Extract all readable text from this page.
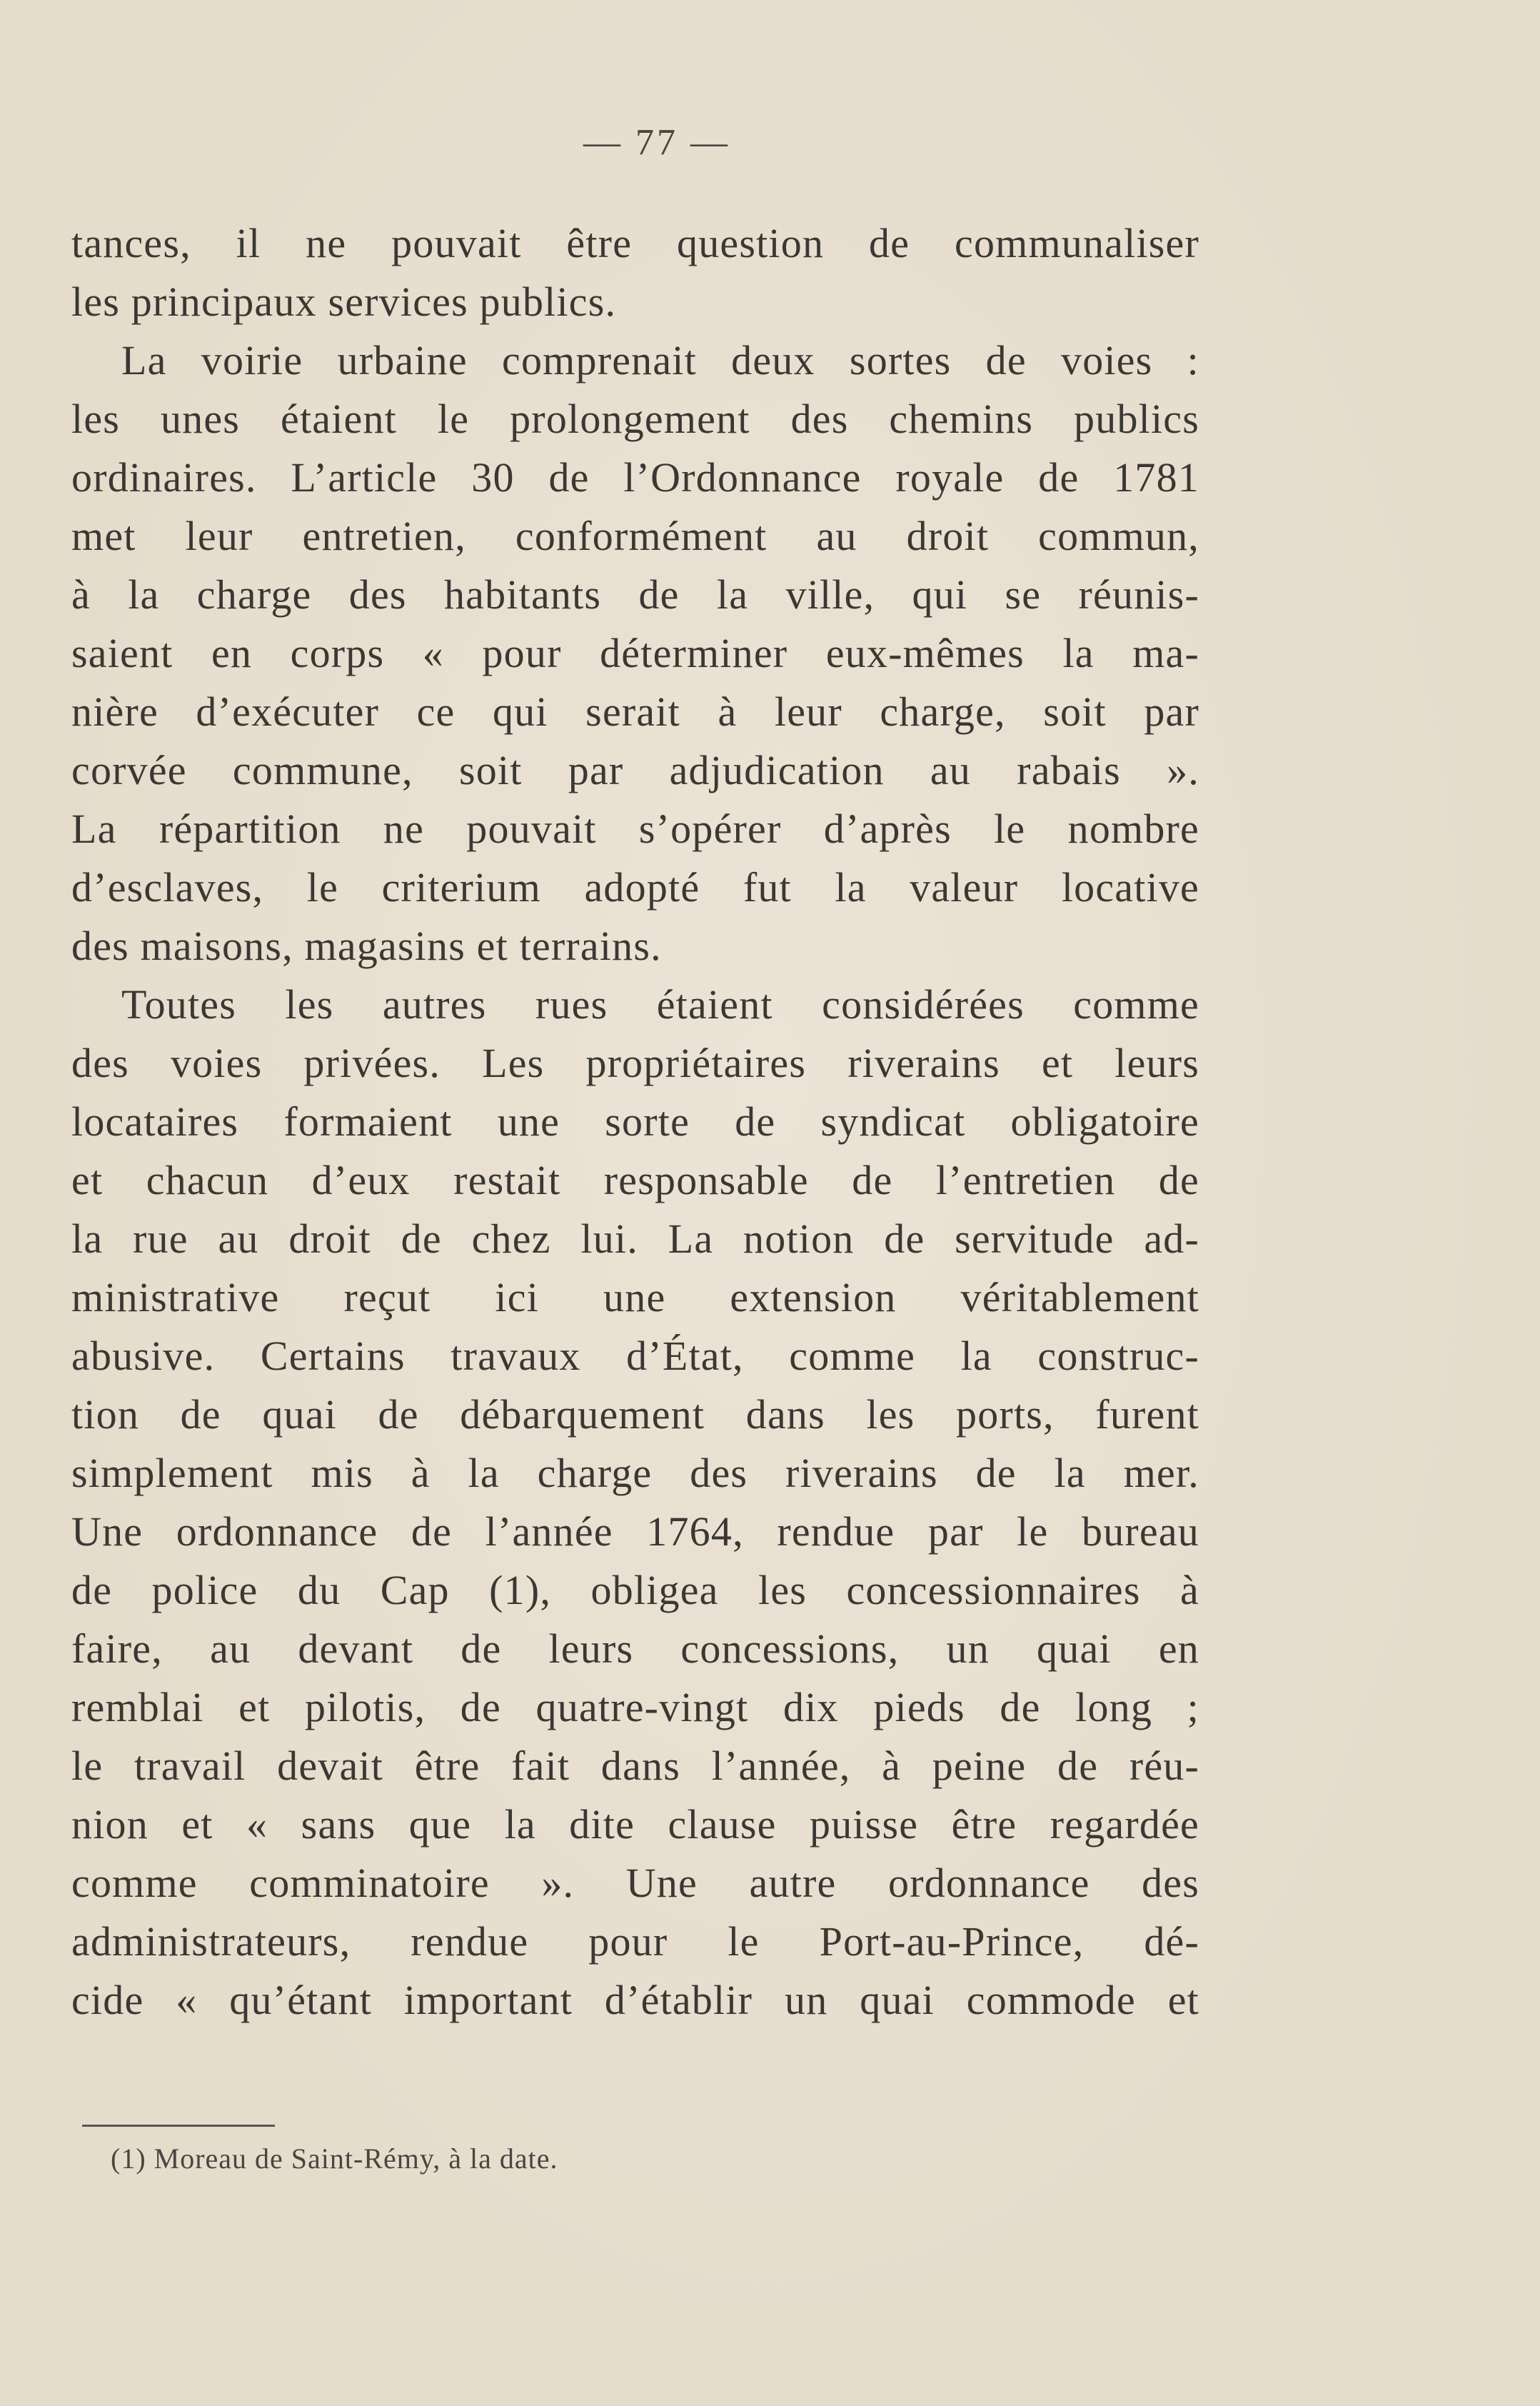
— 77 —
tances, il ne pouvait être question de communaliser
les principaux services publics.
La voirie urbaine comprenait deux sortes de voies :
les unes étaient le prolongement des chemins publics
ordinaires. L’article 30 de l’Ordonnance royale de 1781
met leur entretien, conformément au droit commun,
à la charge des habitants de la ville, qui se réunis-
saient en corps « pour déterminer eux-mêmes la ma-
nière d’exécuter ce qui serait à leur charge, soit par
corvée commune, soit par adjudication au rabais ».
La répartition ne pouvait s’opérer d’après le nombre
d’esclaves, le criterium adopté fut la valeur locative
des maisons, magasins et terrains.
Toutes les autres rues étaient considérées comme
des voies privées. Les propriétaires riverains et leurs
locataires formaient une sorte de syndicat obligatoire
et chacun d’eux restait responsable de l’entretien de
la rue au droit de chez lui. La notion de servitude ad-
ministrative reçut ici une extension véritablement
abusive. Certains travaux d’État, comme la construc-
tion de quai de débarquement dans les ports, furent
simplement mis à la charge des riverains de la mer.
Une ordonnance de l’année 1764, rendue par le bureau
de police du Cap (1), obligea les concessionnaires à
faire, au devant de leurs concessions, un quai en
remblai et pilotis, de quatre-vingt dix pieds de long ;
le travail devait être fait dans l’année, à peine de réu-
nion et « sans que la dite clause puisse être regardée
comme comminatoire ». Une autre ordonnance des
administrateurs, rendue pour le Port-au-Prince, dé-
cide « qu’étant important d’établir un quai commode et
(1) Moreau de Saint-Rémy, à la date.
